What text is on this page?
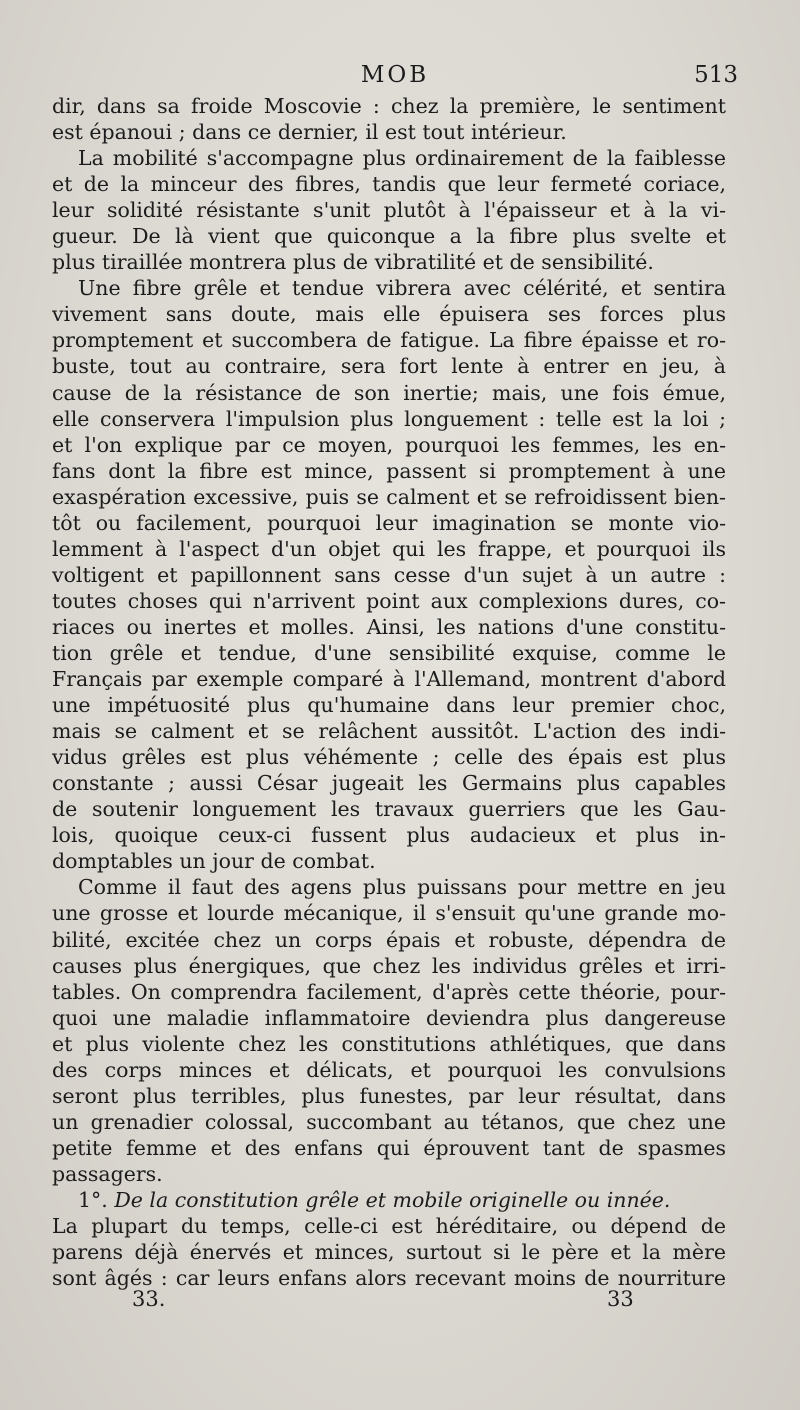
MOB	513
dir, dans sa froide Moscovie : chez la première, le sentiment
est épanoui ; dans ce dernier, il est tout intérieur.
La mobilité s'accompagne plus ordinairement de la faiblesse
et de la minceur des fibres, tandis que leur fermeté coriace,
leur solidité résistante s'unit plutôt à l'épaisseur et à la vi-
gueur. De là vient que quiconque a la fibre plus svelte et
plus tiraillée montrera plus de vibratilité et de sensibilité.
Une fibre grêle et tendue vibrera avec célérité, et sentira
vivement sans doute, mais elle épuisera ses forces plus
promptement et succombera de fatigue. La fibre épaisse et ro-
buste, tout au contraire, sera fort lente à entrer en jeu, à
cause de la résistance de son inertie; mais, une fois émue,
elle conservera l'impulsion plus longuement : telle est la loi ;
et l'on explique par ce moyen, pourquoi les femmes, les en-
fans dont la fibre est mince, passent si promptement à une
exaspération excessive, puis se calment et se refroidissent bien-
tôt ou facilement, pourquoi leur imagination se monte vio-
lemment à l'aspect d'un objet qui les frappe, et pourquoi ils
voltigent et papillonnent sans cesse d'un sujet à un autre :
toutes choses qui n'arrivent point aux complexions dures, co-
riaces ou inertes et molles. Ainsi, les nations d'une constitu-
tion grêle et tendue, d'une sensibilité exquise, comme le
Français par exemple comparé à l'Allemand, montrent d'abord
une impétuosité plus qu'humaine dans leur premier choc,
mais se calment et se relâchent aussitôt. L'action des indi-
vidus grêles est plus véhémente ; celle des épais est plus
constante ; aussi César jugeait les Germains plus capables
de soutenir longuement les travaux guerriers que les Gau-
lois, quoique ceux-ci fussent plus audacieux et plus in-
domptables un jour de combat.
Comme il faut des agens plus puissans pour mettre en jeu
une grosse et lourde mécanique, il s'ensuit qu'une grande mo-
bilité, excitée chez un corps épais et robuste, dépendra de
causes plus énergiques, que chez les individus grêles et irri-
tables. On comprendra facilement, d'après cette théorie, pour-
quoi une maladie inflammatoire deviendra plus dangereuse
et plus violente chez les constitutions athlétiques, que dans
des corps minces et délicats, et pourquoi les convulsions
seront plus terribles, plus funestes, par leur résultat, dans
un grenadier colossal, succombant au tétanos, que chez une
petite femme et des enfans qui éprouvent tant de spasmes
passagers.
1°. De la constitution grêle et mobile originelle ou innée.
La plupart du temps, celle-ci est héréditaire, ou dépend de
parens déjà énervés et minces, surtout si le père et la mère
sont âgés : car leurs enfans alors recevant moins de nourriture
33.	33
